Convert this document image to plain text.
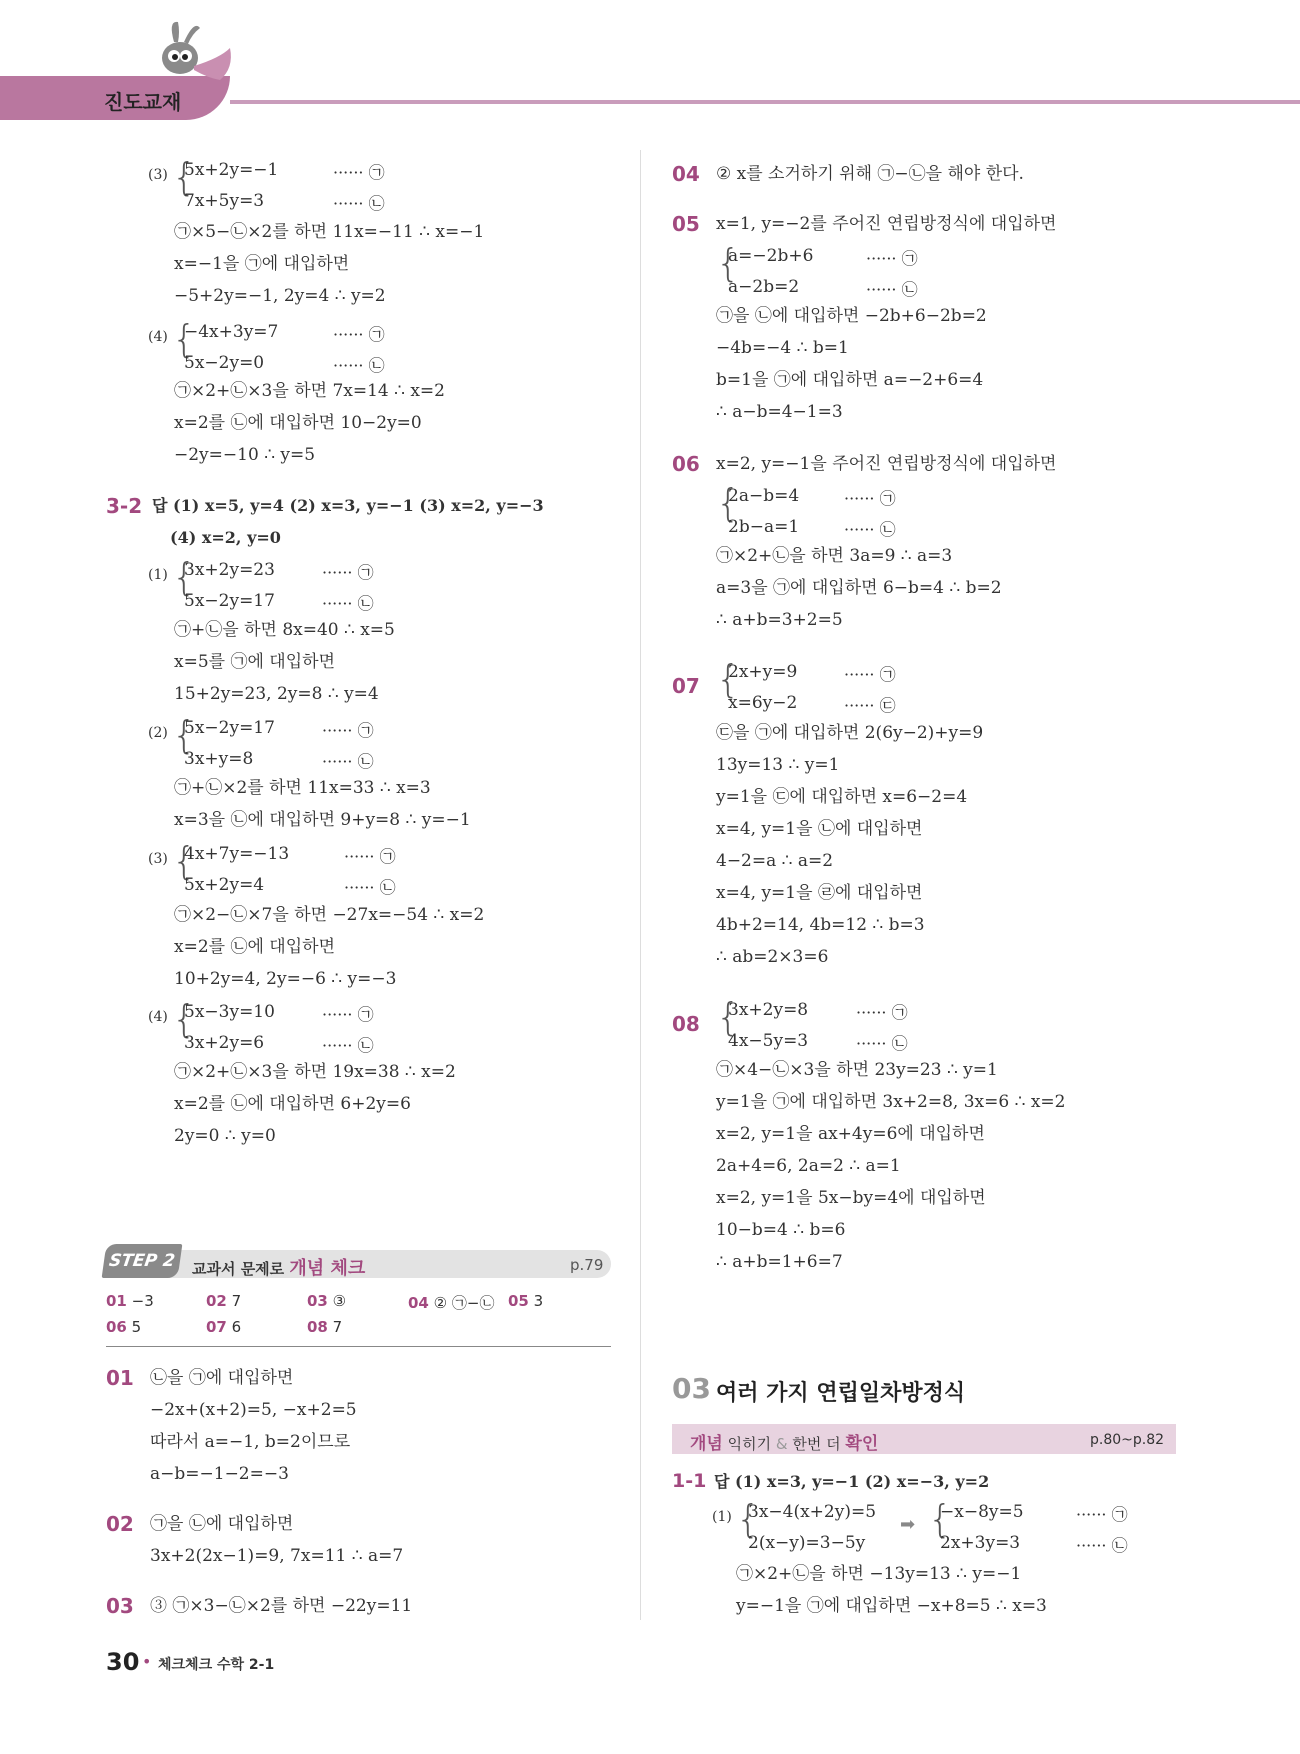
진도교재
(3) {
5x+2y=−1	······ ㉠
7x+5y=3	······ ㉡
㉠×5−㉡×2를 하면 11x=−11 ∴ x=−1
x=−1을 ㉠에 대입하면
−5+2y=−1, 2y=4 ∴ y=2
(4) {
−4x+3y=7	······ ㉠
5x−2y=0	······ ㉡
㉠×2+㉡×3을 하면 7x=14 ∴ x=2
x=2를 ㉡에 대입하면 10−2y=0
−2y=−10 ∴ y=5
3-2 답 (1) x=5, y=4 (2) x=3, y=−1 (3) x=2, y=−3
(4) x=2, y=0
(1) {
3x+2y=23	······ ㉠
5x−2y=17	······ ㉡
㉠+㉡을 하면 8x=40 ∴ x=5
x=5를 ㉠에 대입하면
15+2y=23, 2y=8 ∴ y=4
(2) {
5x−2y=17	······ ㉠
3x+y=8	······ ㉡
㉠+㉡×2를 하면 11x=33 ∴ x=3
x=3을 ㉡에 대입하면 9+y=8 ∴ y=−1
(3) {
4x+7y=−13	······ ㉠
5x+2y=4	······ ㉡
㉠×2−㉡×7을 하면 −27x=−54 ∴ x=2
x=2를 ㉡에 대입하면
10+2y=4, 2y=−6 ∴ y=−3
(4) {
5x−3y=10	······ ㉠
3x+2y=6	······ ㉡
㉠×2+㉡×3을 하면 19x=38 ∴ x=2
x=2를 ㉡에 대입하면 6+2y=6
2y=0 ∴ y=0
STEP 2	교과서 문제로 개념 체크	p.79
01 −3	02 7	03 ③	04 ② ㉠−㉡ 05 3
06 5	07 6	08 7
01 ㉡을 ㉠에 대입하면
−2x+(x+2)=5, −x+2=5
따라서 a=−1, b=2이므로
a−b=−1−2=−3
02 ㉠을 ㉡에 대입하면
3x+2(2x−1)=9, 7x=11 ∴ a=7
03 ③ ㉠×3−㉡×2를 하면 −22y=11
30 • 체크체크 수학 2-1
04 ② x를 소거하기 위해 ㉠−㉡을 해야 한다.
05 x=1, y=−2를 주어진 연립방정식에 대입하면
{
a=−2b+6	······ ㉠
a−2b=2	······ ㉡
㉠을 ㉡에 대입하면 −2b+6−2b=2
−4b=−4 ∴ b=1
b=1을 ㉠에 대입하면 a=−2+6=4
∴ a−b=4−1=3
06 x=2, y=−1을 주어진 연립방정식에 대입하면
{
2a−b=4	······ ㉠
2b−a=1	······ ㉡
㉠×2+㉡을 하면 3a=9 ∴ a=3
a=3을 ㉠에 대입하면 6−b=4 ∴ b=2
∴ a+b=3+2=5
07 {
2x+y=9	······ ㉠
x=6y−2	······ ㉢
㉢을 ㉠에 대입하면 2(6y−2)+y=9
13y=13 ∴ y=1
y=1을 ㉢에 대입하면 x=6−2=4
x=4, y=1을 ㉡에 대입하면
4−2=a ∴ a=2
x=4, y=1을 ㉣에 대입하면
4b+2=14, 4b=12 ∴ b=3
∴ ab=2×3=6
08 {
3x+2y=8	······ ㉠
4x−5y=3	······ ㉡
㉠×4−㉡×3을 하면 23y=23 ∴ y=1
y=1을 ㉠에 대입하면 3x+2=8, 3x=6 ∴ x=2
x=2, y=1을 ax+4y=6에 대입하면
2a+4=6, 2a=2 ∴ a=1
x=2, y=1을 5x−by=4에 대입하면
10−b=4 ∴ b=6
∴ a+b=1+6=7
03 여러 가지 연립일차방정식
개념 익히기 & 한번 더 확인	p.80~p.82
1-1 답 (1) x=3, y=−1 (2) x=−3, y=2
(1) {
3x−4(x+2y)=5
2(x−y)=3−5y
➡ {
−x−8y=5	······ ㉠
2x+3y=3	······ ㉡
㉠×2+㉡을 하면 −13y=13 ∴ y=−1
y=−1을 ㉠에 대입하면 −x+8=5 ∴ x=3
